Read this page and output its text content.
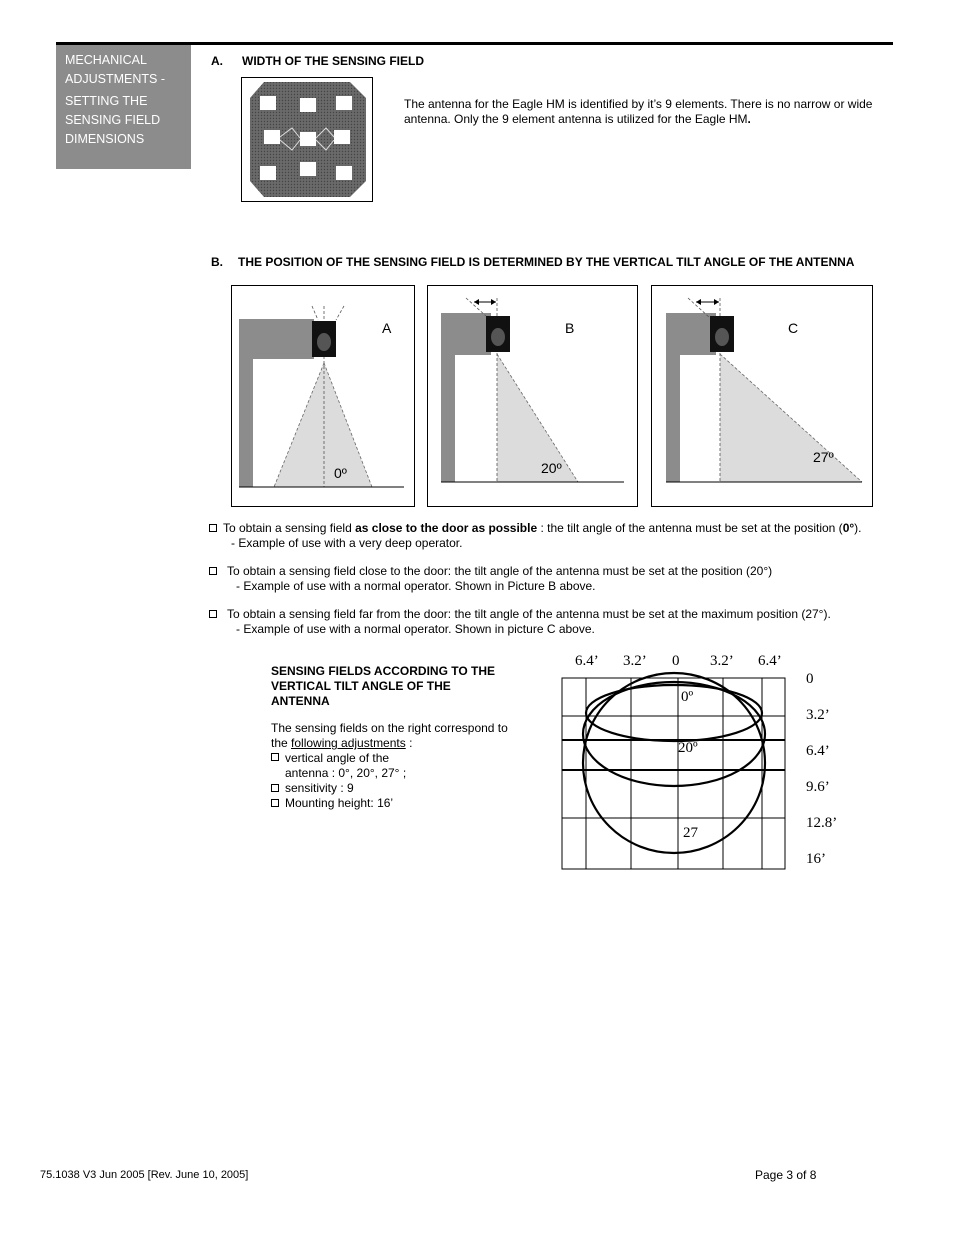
MECHANICAL
ADJUSTMENTS -
SETTING THE
SENSING FIELD
DIMENSIONS
A. WIDTH OF THE SENSING FIELD
The antenna for the Eagle HM is identified by it’s 9 elements. There is no narrow or wide antenna. Only the 9 element antenna is utilized for the Eagle HM.
B. THE POSITION OF THE SENSING FIELD IS DETERMINED BY THE VERTICAL TILT ANGLE OF THE ANTENNA
A
0º
B
20º
C
27º
To obtain a sensing field as close to the door as possible : the tilt angle of the antenna must be set at the position (0°).
- Example of use with a very deep operator.
To obtain a sensing field close to the door: the tilt angle of the antenna must be set at the position (20°)
- Example of use with a normal operator. Shown in Picture B above.
To obtain a sensing field far from the door: the tilt angle of the antenna must be set at the maximum position (27°).
- Example of use with a normal operator. Shown in picture C above.
SENSING FIELDS ACCORDING TO THE VERTICAL TILT ANGLE OF THE ANTENNA
The sensing fields on the right correspond to the following adjustments :
vertical angle of the antenna : 0°, 20°, 27° ;
sensitivity : 9
Mounting height: 16’
6.4’ 3.2’ 0 3.2’ 6.4’
0
3.2’
6.4’
9.6’
12.8’
16’
0º
20º
27
75.1038 V3 Jun 2005 [Rev. June 10, 2005]	Page 3 of 8
